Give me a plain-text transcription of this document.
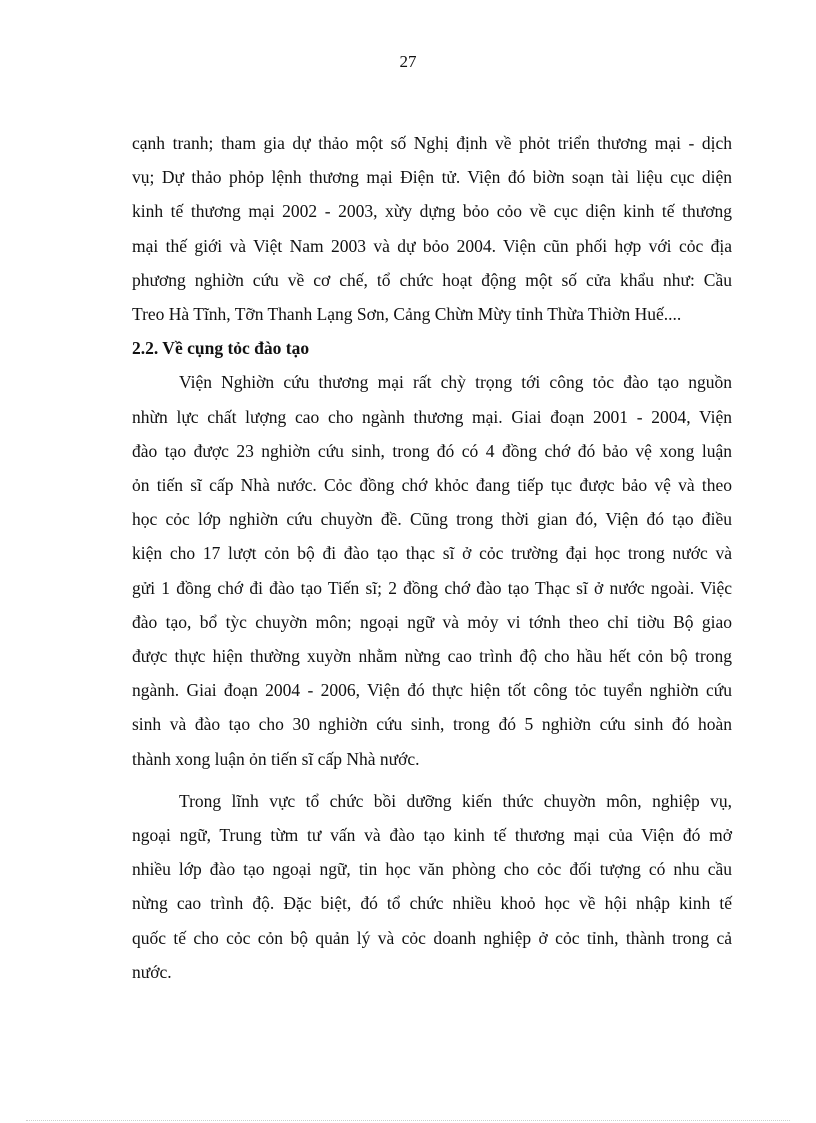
27
cạnh tranh; tham gia dự thảo một số Nghị định về phỏt triển thương mại - dịch
vụ; Dự thảo phỏp lệnh thương mại Điện tử. Viện đó biờn soạn tài liệu cục diện
kinh tế thương mại 2002 - 2003, xừy dựng bỏo cỏo về cục diện kinh tế thương
mại thế giới và Việt Nam 2003 và dự bỏo 2004. Viện cũn phối hợp với cỏc địa
phương nghiờn cứu về cơ chế, tổ chức hoạt động một số cửa khẩu như: Cầu
Treo Hà Tĩnh, Tỡn Thanh Lạng Sơn, Cảng Chừn Mừy tỉnh Thừa Thiờn Huế....
2.2. Về cụng tỏc đào tạo
Viện Nghiờn cứu thương mại rất chỳ trọng tới công tỏc đào tạo nguồn
nhừn lực chất lượng cao cho ngành thương mại. Giai đoạn 2001 - 2004, Viện
đào tạo được 23 nghiờn cứu sinh, trong đó có 4 đồng chớ đó bảo vệ xong luận
ỏn tiến sĩ cấp Nhà nước. Cỏc đồng chớ khỏc đang tiếp tục được bảo vệ và theo
học cỏc lớp nghiờn cứu chuyờn đề. Cũng trong thời gian đó, Viện đó tạo điều
kiện cho 17 lượt cỏn bộ đi đào tạo thạc sĩ ở cỏc trường đại học trong nước và
gửi 1 đồng chớ đi đào tạo Tiến sĩ; 2 đồng chớ đào tạo Thạc sĩ ở nước ngoài. Việc
đào tạo, bổ tỳc chuyờn môn; ngoại ngữ và mỏy vi tớnh theo chỉ tiờu Bộ giao
được thực hiện thường xuyờn nhằm nừng cao trình độ cho hầu hết cỏn bộ trong
ngành. Giai đoạn 2004 - 2006, Viện đó thực hiện tốt công tỏc tuyển nghiờn cứu
sinh và đào tạo cho 30 nghiờn cứu sinh, trong đó 5 nghiờn cứu sinh đó hoàn
thành xong luận ỏn tiến sĩ cấp Nhà nước.
Trong lĩnh vực tổ chức bồi dưỡng kiến thức chuyờn môn, nghiệp vụ,
ngoại ngữ, Trung từm tư vấn và đào tạo kinh tế thương mại của Viện đó mở
nhiều lớp đào tạo ngoại ngữ, tin học văn phòng cho cỏc đối tượng có nhu cầu
nừng cao trình độ. Đặc biệt, đó tổ chức nhiều khoỏ học về hội nhập kinh tế
quốc tế cho cỏc cỏn bộ quản lý và cỏc doanh nghiệp ở cỏc tỉnh, thành trong cả
nước.
